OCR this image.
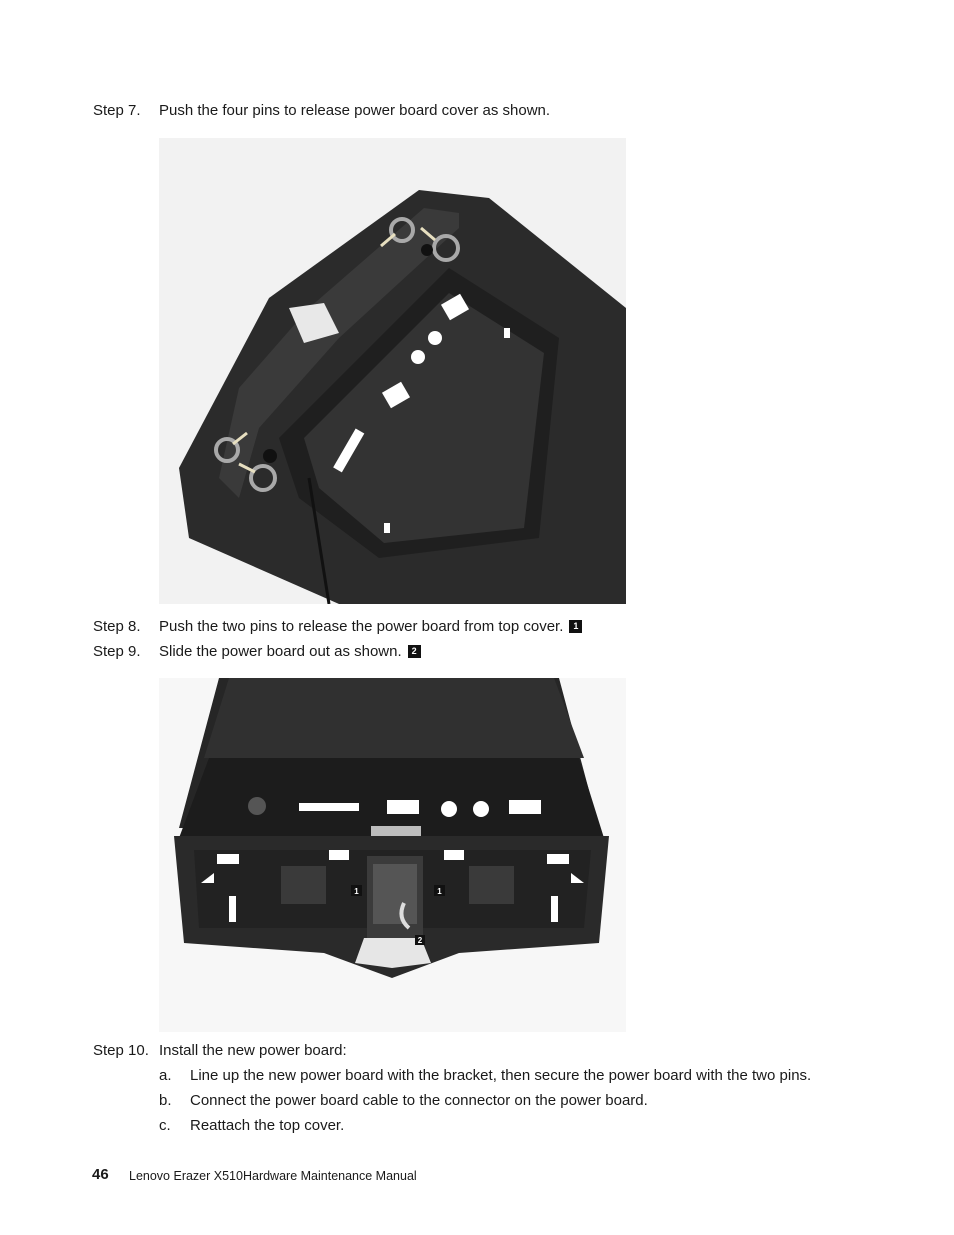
Step 7. Push the four pins to release power board cover as shown.
Step 8. Push the two pins to release the power board from top cover. 1
Step 9. Slide the power board out as shown. 2
1	1
2
Step 10. Install the new power board:
a. Line up the new power board with the bracket, then secure the power board with the two pins.
b. Connect the power board cable to the connector on the power board.
c. Reattach the top cover.
46 Lenovo Erazer X510Hardware Maintenance Manual
